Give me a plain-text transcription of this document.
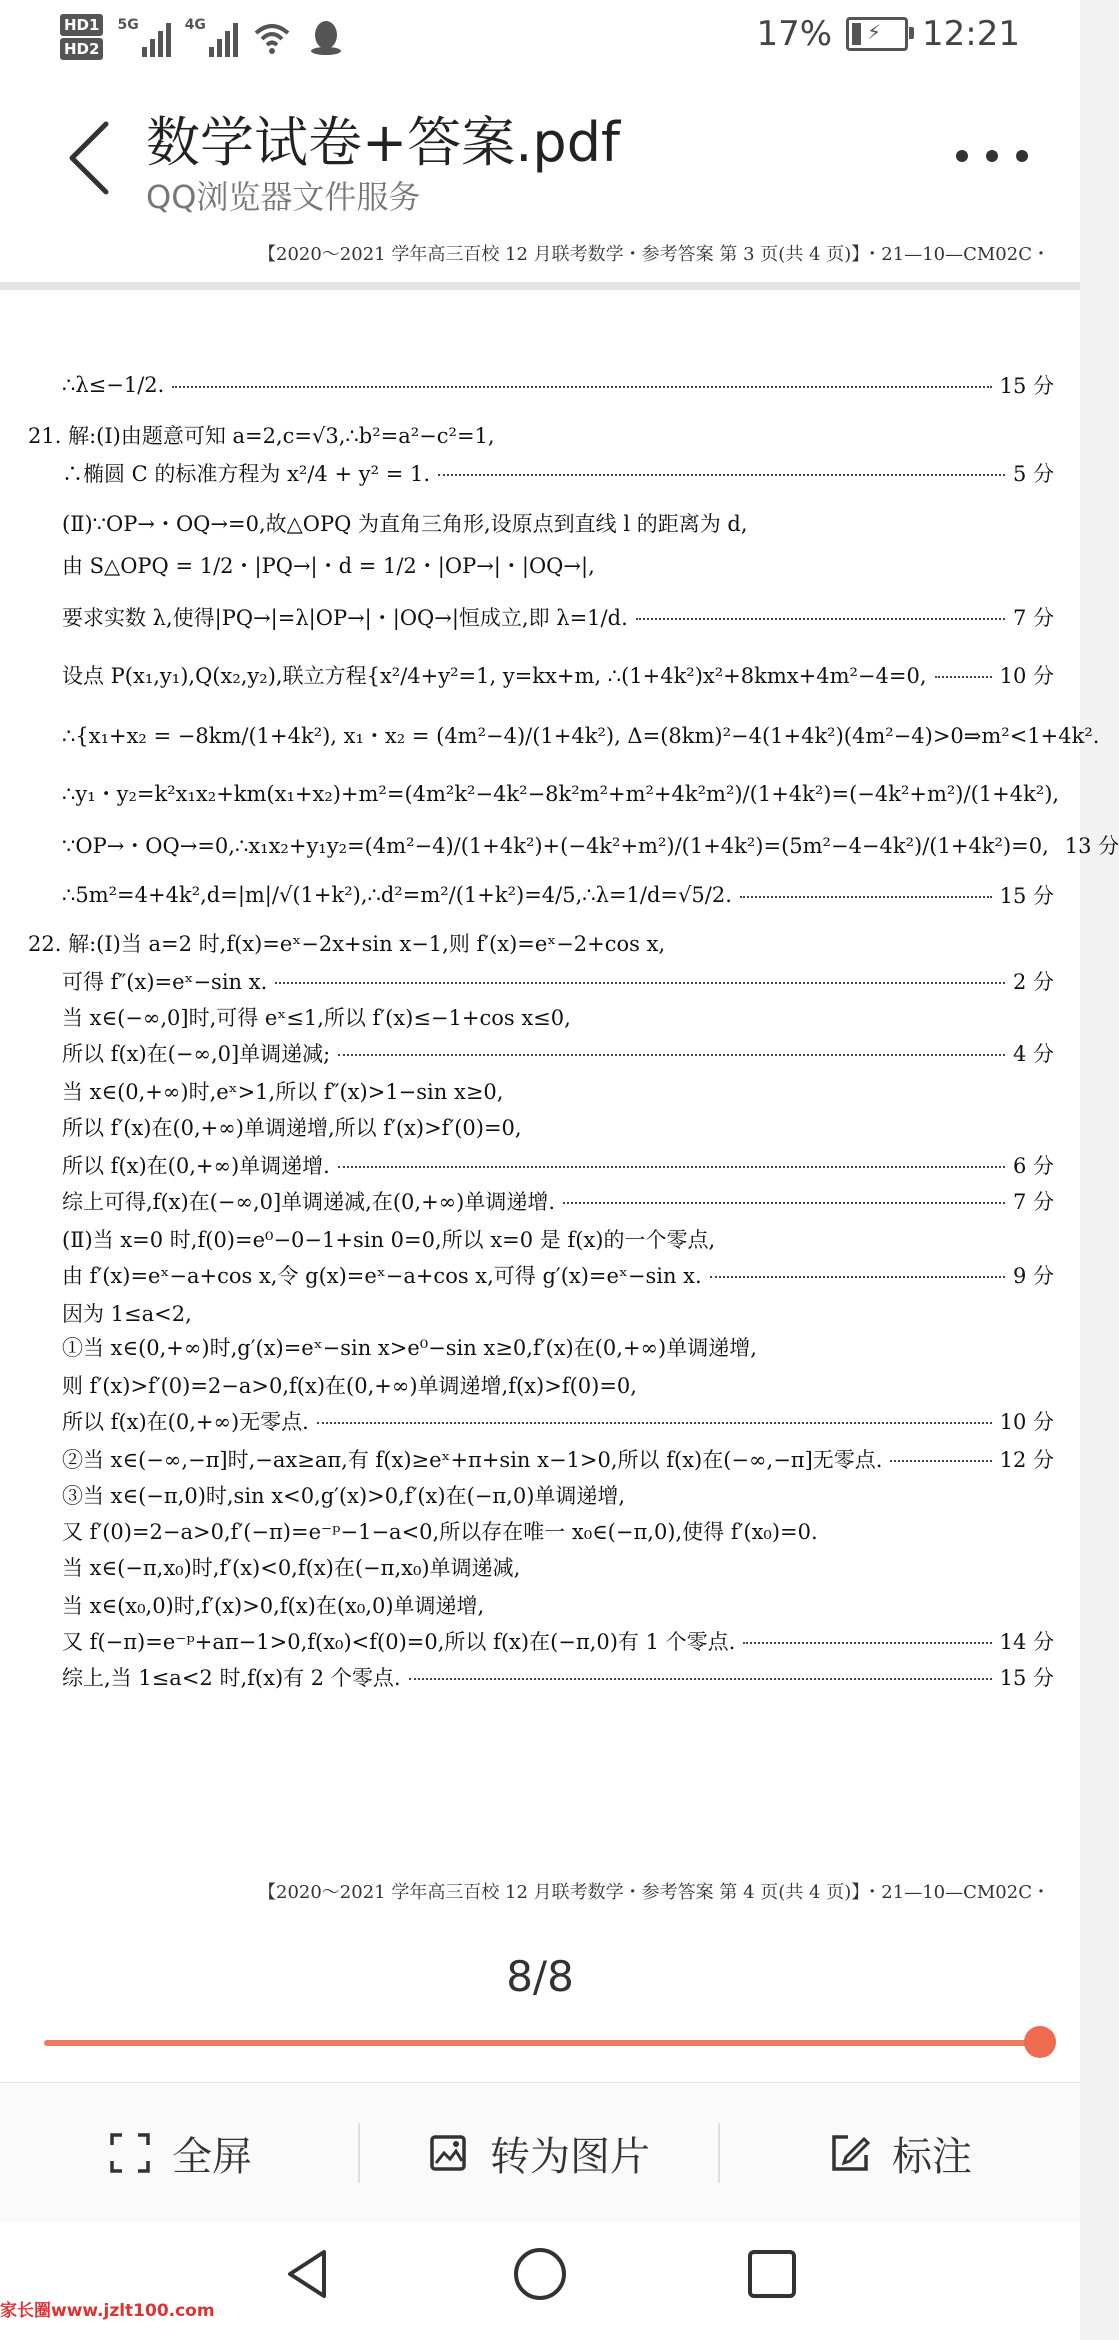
HD1
HD2
5G	4G	17% ⚡ 12:21
数学试卷+答案.pdf
QQ浏览器文件服务
【2020～2021 学年高三百校 12 月联考数学・参考答案 第 3 页(共 4 页)】
・21—10—CM02C・
【2020～2021 学年高三百校 12 月联考数学・参考答案 第 4 页(共 4 页)】
・21—10—CM02C・
∴λ≤−1/2.	15 分
21. 解:(Ⅰ)由题意可知 a=2,c=√3,∴b²=a²−c²=1,
∴椭圆 C 的标准方程为 x²/4 + y² = 1.	5 分
(Ⅱ)∵OP→・OQ→=0,故△OPQ 为直角三角形,设原点到直线 l 的距离为 d,
由 S△OPQ = 1/2・|PQ→|・d = 1/2・|OP→|・|OQ→|,
要求实数 λ,使得|PQ→|=λ|OP→|・|OQ→|恒成立,即 λ=1/d.	7 分
设点 P(x₁,y₁),Q(x₂,y₂),联立方程{x²/4+y²=1, y=kx+m, ∴(1+4k²)x²+8kmx+4m²−4=0,	10 分
∴{x₁+x₂ = −8km/(1+4k²), x₁・x₂ = (4m²−4)/(1+4k²), Δ=(8km)²−4(1+4k²)(4m²−4)>0⇒m²<1+4k².
∴y₁・y₂=k²x₁x₂+km(x₁+x₂)+m²=(4m²k²−4k²−8k²m²+m²+4k²m²)/(1+4k²)=(−4k²+m²)/(1+4k²),
∵OP→・OQ→=0,∴x₁x₂+y₁y₂=(4m²−4)/(1+4k²)+(−4k²+m²)/(1+4k²)=(5m²−4−4k²)/(1+4k²)=0, 13 分
∴5m²=4+4k²,d=|m|/√(1+k²),∴d²=m²/(1+k²)=4/5,∴λ=1/d=√5/2.	15 分
22. 解:(Ⅰ)当 a=2 时,f(x)=eˣ−2x+sin x−1,则 f′(x)=eˣ−2+cos x,
可得 f″(x)=eˣ−sin x.	2 分
当 x∈(−∞,0]时,可得 eˣ≤1,所以 f′(x)≤−1+cos x≤0,
所以 f(x)在(−∞,0]单调递减;	4 分
当 x∈(0,+∞)时,eˣ>1,所以 f″(x)>1−sin x≥0,
所以 f′(x)在(0,+∞)单调递增,所以 f′(x)>f′(0)=0,
所以 f(x)在(0,+∞)单调递增.	6 分
综上可得,f(x)在(−∞,0]单调递减,在(0,+∞)单调递增.	7 分
(Ⅱ)当 x=0 时,f(0)=e⁰−0−1+sin 0=0,所以 x=0 是 f(x)的一个零点,
由 f′(x)=eˣ−a+cos x,令 g(x)=eˣ−a+cos x,可得 g′(x)=eˣ−sin x.	9 分
因为 1≤a<2,
①当 x∈(0,+∞)时,g′(x)=eˣ−sin x>e⁰−sin x≥0,f′(x)在(0,+∞)单调递增,
则 f′(x)>f′(0)=2−a>0,f(x)在(0,+∞)单调递增,f(x)>f(0)=0,
所以 f(x)在(0,+∞)无零点.	10 分
②当 x∈(−∞,−π]时,−ax≥aπ,有 f(x)≥eˣ+π+sin x−1>0,所以 f(x)在(−∞,−π]无零点.	12 分
③当 x∈(−π,0)时,sin x<0,g′(x)>0,f′(x)在(−π,0)单调递增,
又 f′(0)=2−a>0,f′(−π)=e⁻ᵖ−1−a<0,所以存在唯一 x₀∈(−π,0),使得 f′(x₀)=0.
当 x∈(−π,x₀)时,f′(x)<0,f(x)在(−π,x₀)单调递减,
当 x∈(x₀,0)时,f′(x)>0,f(x)在(x₀,0)单调递增,
又 f(−π)=e⁻ᵖ+aπ−1>0,f(x₀)<f(0)=0,所以 f(x)在(−π,0)有 1 个零点.	14 分
综上,当 1≤a<2 时,f(x)有 2 个零点.	15 分
8/8
全屏	转为图片	标注
家长圈www.jzlt100.com
